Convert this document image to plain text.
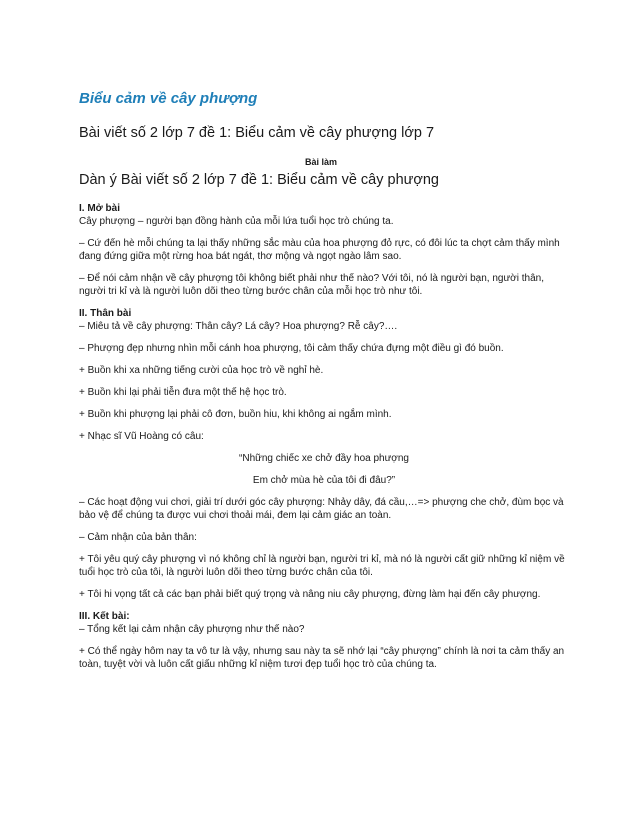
Biểu cảm về cây phượng
Bài viết số 2 lớp 7 đề 1: Biểu cảm về cây phượng lớp 7
Bài làm
Dàn ý Bài viết số 2 lớp 7 đề 1: Biểu cảm về cây phượng

I. Mở bài

Cây phượng – người bạn đồng hành của mỗi lứa tuổi học trò chúng ta.

– Cứ đến hè mỗi chúng ta lại thấy những sắc màu của hoa phượng đỏ rực, có đôi lúc ta chợt cảm thấy mình đang đứng giữa một rừng hoa bát ngát, thơ mộng và ngọt ngào lâm sao.

– Để nói cảm nhận về cây phượng tôi không biết phải như thế nào? Với tôi, nó là người bạn, người thân, người tri kỉ và là người luôn dõi theo từng bước chân của mỗi học trò như tôi.

II. Thân bài

– Miêu tả về cây phượng: Thân cây? Lá cây? Hoa phượng? Rễ cây?….

– Phượng đẹp nhưng nhìn mỗi cánh hoa phượng, tôi cảm thấy chứa đựng một điều gì đó buồn.

+ Buồn khi xa những tiếng cười của học trò về nghỉ hè.

+ Buồn khi lại phải tiễn đưa một thế hệ học trò.

+ Buồn khi phượng lại phải cô đơn, buồn hiu, khi không ai ngắm mình.

+ Nhạc sĩ Vũ Hoàng có câu:

“Những chiếc xe chở đầy hoa phượng

Em chở mùa hè của tôi đi đâu?”

– Các hoạt động vui chơi, giải trí dưới góc cây phượng: Nhảy dây, đá cầu,…=> phượng che chở, đùm bọc và bảo vệ để chúng ta được vui chơi thoải mái, đem lại cảm giác an toàn.

– Cảm nhận của bản thân:

+ Tôi yêu quý cây phượng vì nó không chỉ là người bạn, người tri kỉ, mà nó là người cất giữ những kỉ niệm về tuổi học trò của tôi, là người luôn dõi theo từng bước chân của tôi.

+ Tôi hi vọng tất cả các bạn phải biết quý trọng và nâng niu cây phượng, đừng làm hại đến cây phượng.

III. Kết bài:

– Tổng kết lại cảm nhận cây phượng như thế nào?

+ Có thể ngày hôm nay ta vô tư là vậy, nhưng sau này ta sẽ nhớ lại “cây phượng” chính là nơi ta cảm thấy an toàn, tuyệt vời và luôn cất giấu những kỉ niệm tươi đẹp tuổi học trò của chúng ta.
